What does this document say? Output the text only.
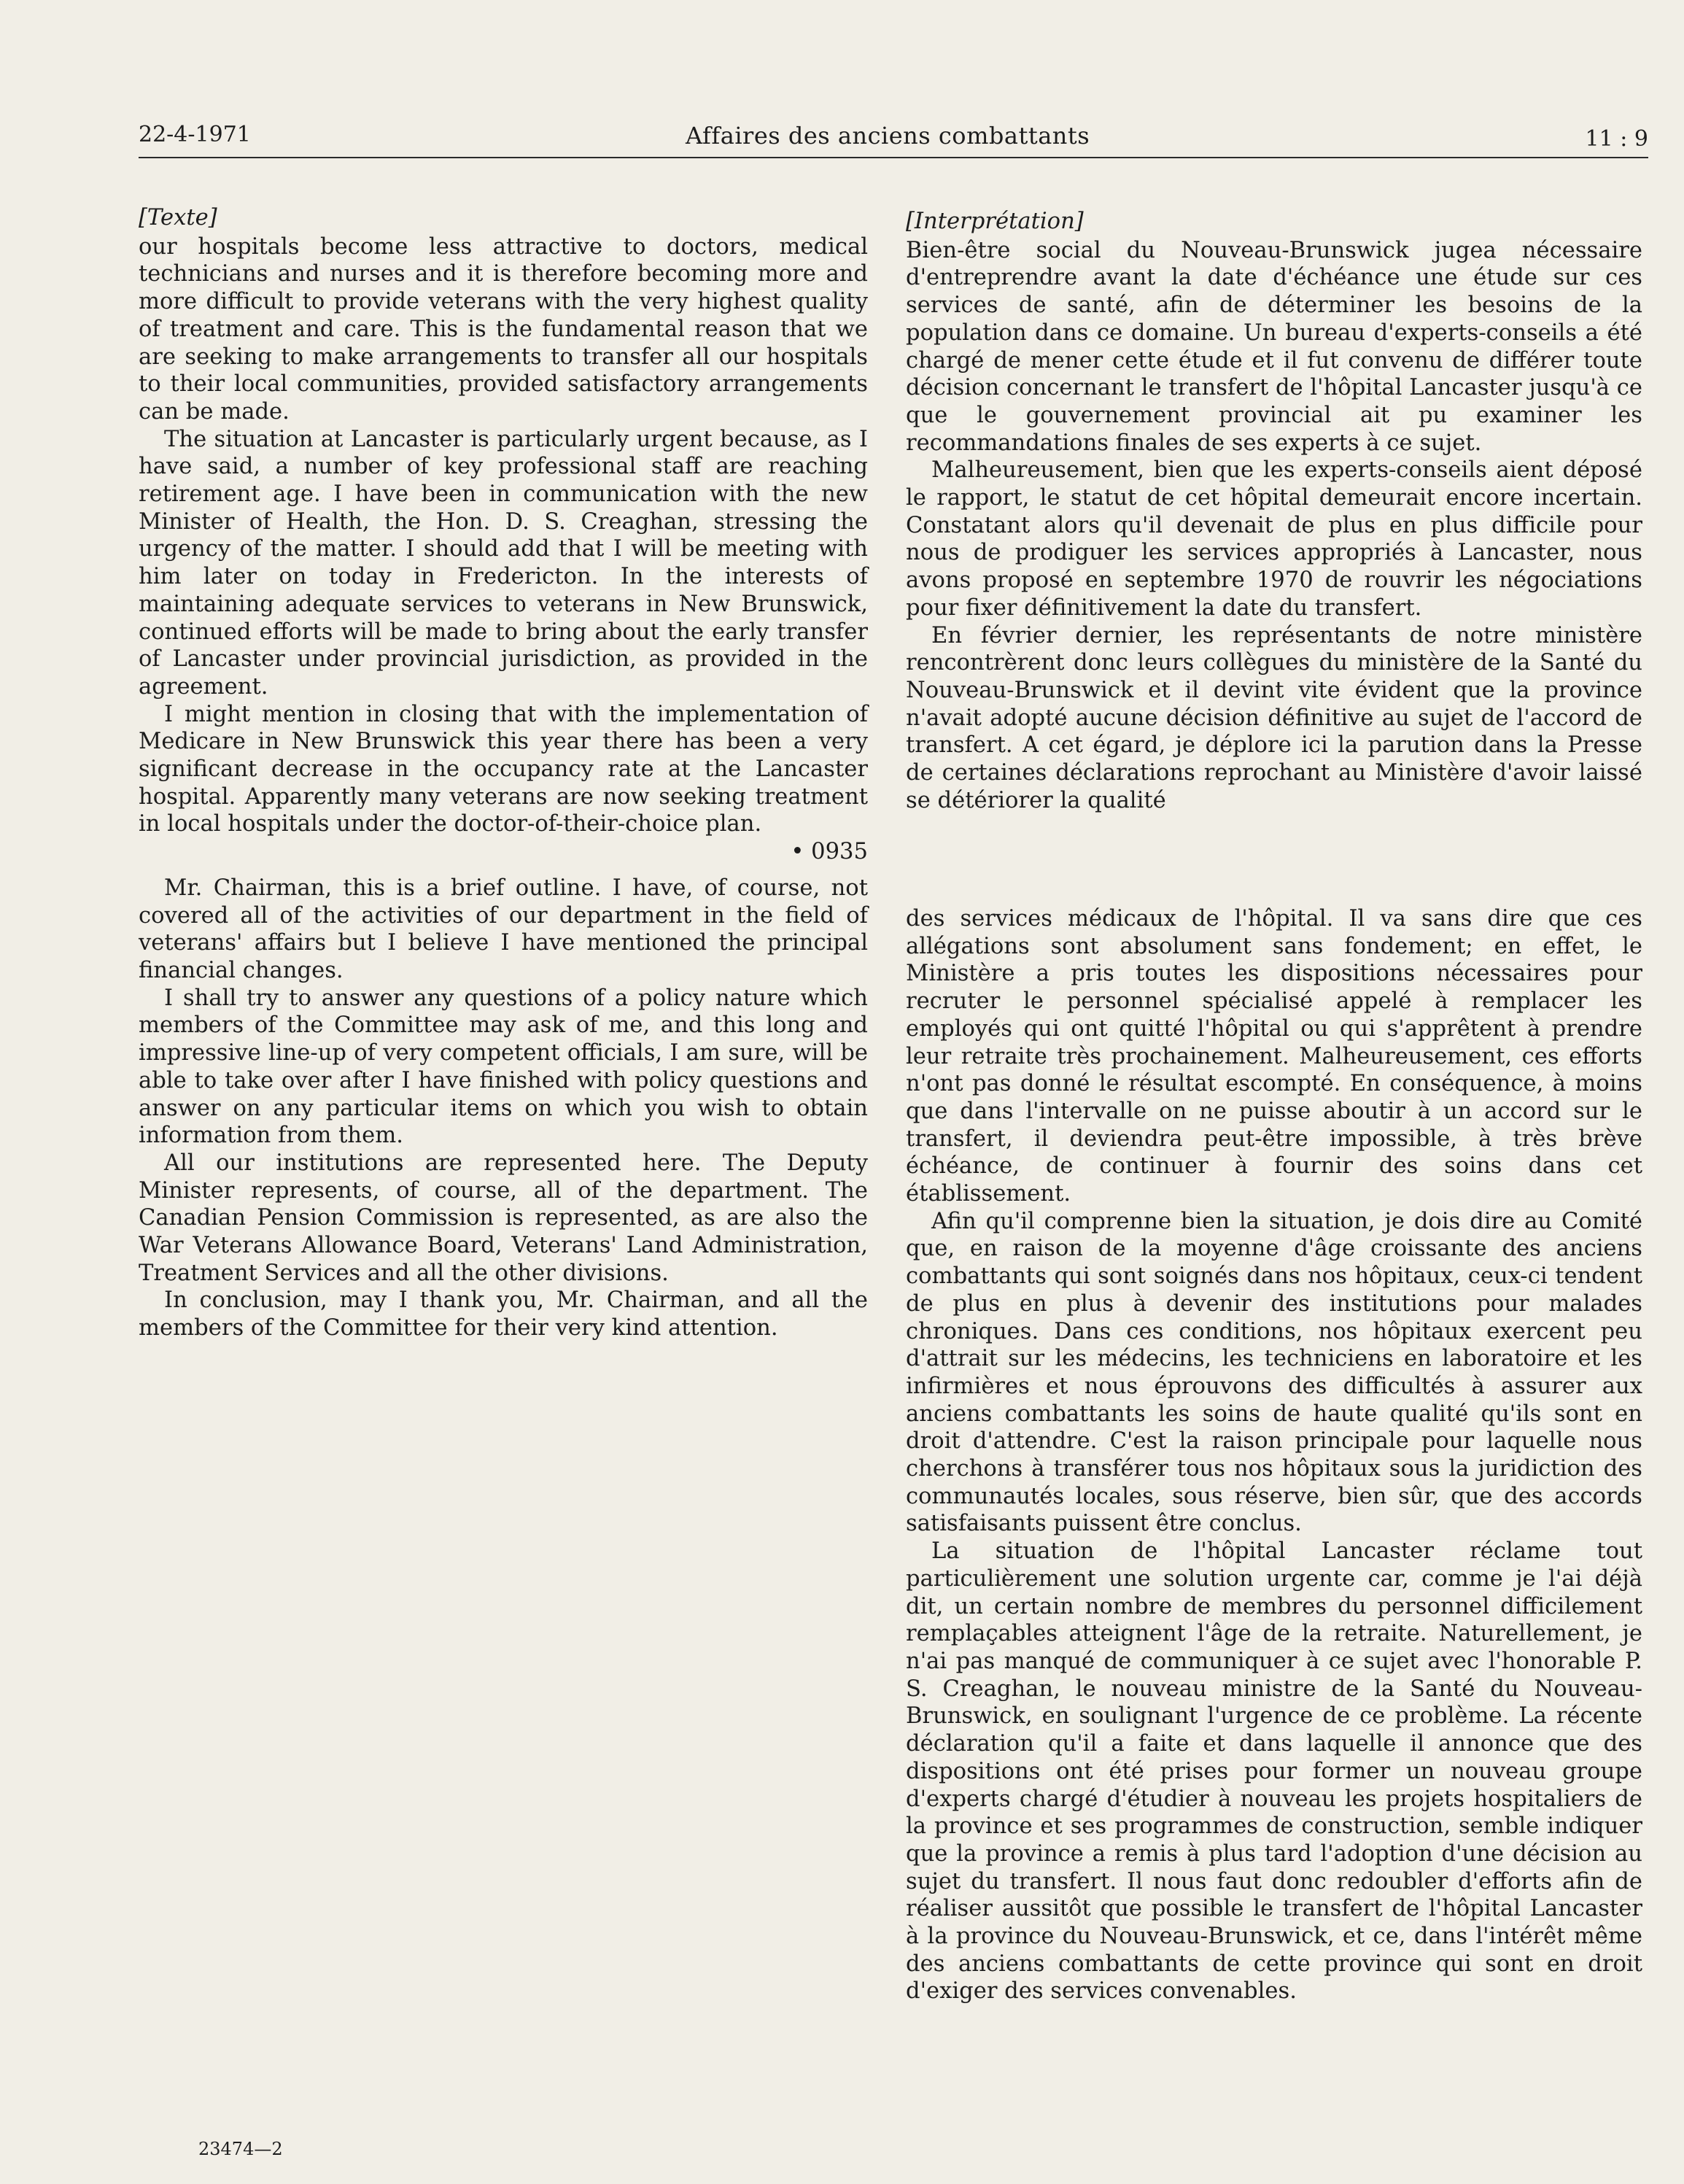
22-4-1971	Affaires des anciens combattants	11 : 9
[Texte]

our hospitals become less attractive to doctors, medical technicians and nurses and it is therefore becoming more and more difficult to provide veterans with the very highest quality of treatment and care. This is the fundamental reason that we are seeking to make arrangements to transfer all our hospitals to their local communities, provided satisfactory arrangements can be made.

The situation at Lancaster is particularly urgent because, as I have said, a number of key professional staff are reaching retirement age. I have been in communication with the new Minister of Health, the Hon. D. S. Creaghan, stressing the urgency of the matter. I should add that I will be meeting with him later on today in Fredericton. In the interests of maintaining adequate services to veterans in New Brunswick, continued efforts will be made to bring about the early transfer of Lancaster under provincial jurisdiction, as provided in the agreement.

I might mention in closing that with the implementation of Medicare in New Brunswick this year there has been a very significant decrease in the occupancy rate at the Lancaster hospital. Apparently many veterans are now seeking treatment in local hospitals under the doctor-of-their-choice plan.

• 0935

Mr. Chairman, this is a brief outline. I have, of course, not covered all of the activities of our department in the field of veterans' affairs but I believe I have mentioned the principal financial changes.

I shall try to answer any questions of a policy nature which members of the Committee may ask of me, and this long and impressive line-up of very competent officials, I am sure, will be able to take over after I have finished with policy questions and answer on any particular items on which you wish to obtain information from them.

All our institutions are represented here. The Deputy Minister represents, of course, all of the department. The Canadian Pension Commission is represented, as are also the War Veterans Allowance Board, Veterans' Land Administration, Treatment Services and all the other divisions.

In conclusion, may I thank you, Mr. Chairman, and all the members of the Committee for their very kind attention.

[Interprétation]

Bien-être social du Nouveau-Brunswick jugea nécessaire d'entreprendre avant la date d'échéance une étude sur ces services de santé, afin de déterminer les besoins de la population dans ce domaine. Un bureau d'experts-conseils a été chargé de mener cette étude et il fut convenu de différer toute décision concernant le transfert de l'hôpital Lancaster jusqu'à ce que le gouvernement provincial ait pu examiner les recommandations finales de ses experts à ce sujet.

Malheureusement, bien que les experts-conseils aient déposé le rapport, le statut de cet hôpital demeurait encore incertain. Constatant alors qu'il devenait de plus en plus difficile pour nous de prodiguer les services appropriés à Lancaster, nous avons proposé en septembre 1970 de rouvrir les négociations pour fixer définitivement la date du transfert.

En février dernier, les représentants de notre ministère rencontrèrent donc leurs collègues du ministère de la Santé du Nouveau-Brunswick et il devint vite évident que la province n'avait adopté aucune décision définitive au sujet de l'accord de transfert. A cet égard, je déplore ici la parution dans la Presse de certaines déclarations reprochant au Ministère d'avoir laissé se détériorer la qualité

des services médicaux de l'hôpital. Il va sans dire que ces allégations sont absolument sans fondement; en effet, le Ministère a pris toutes les dispositions nécessaires pour recruter le personnel spécialisé appelé à remplacer les employés qui ont quitté l'hôpital ou qui s'apprêtent à prendre leur retraite très prochainement. Malheureusement, ces efforts n'ont pas donné le résultat escompté. En conséquence, à moins que dans l'intervalle on ne puisse aboutir à un accord sur le transfert, il deviendra peut-être impossible, à très brève échéance, de continuer à fournir des soins dans cet établissement.

Afin qu'il comprenne bien la situation, je dois dire au Comité que, en raison de la moyenne d'âge croissante des anciens combattants qui sont soignés dans nos hôpitaux, ceux-ci tendent de plus en plus à devenir des institutions pour malades chroniques. Dans ces conditions, nos hôpitaux exercent peu d'attrait sur les médecins, les techniciens en laboratoire et les infirmières et nous éprouvons des difficultés à assurer aux anciens combattants les soins de haute qualité qu'ils sont en droit d'attendre. C'est la raison principale pour laquelle nous cherchons à transférer tous nos hôpitaux sous la juridiction des communautés locales, sous réserve, bien sûr, que des accords satisfaisants puissent être conclus.

La situation de l'hôpital Lancaster réclame tout particulièrement une solution urgente car, comme je l'ai déjà dit, un certain nombre de membres du personnel difficilement remplaçables atteignent l'âge de la retraite. Naturellement, je n'ai pas manqué de communiquer à ce sujet avec l'honorable P. S. Creaghan, le nouveau ministre de la Santé du Nouveau-Brunswick, en soulignant l'urgence de ce problème. La récente déclaration qu'il a faite et dans laquelle il annonce que des dispositions ont été prises pour former un nouveau groupe d'experts chargé d'étudier à nouveau les projets hospitaliers de la province et ses programmes de construction, semble indiquer que la province a remis à plus tard l'adoption d'une décision au sujet du transfert. Il nous faut donc redoubler d'efforts afin de réaliser aussitôt que possible le transfert de l'hôpital Lancaster à la province du Nouveau-Brunswick, et ce, dans l'intérêt même des anciens combattants de cette province qui sont en droit d'exiger des services convenables.

23474—2
